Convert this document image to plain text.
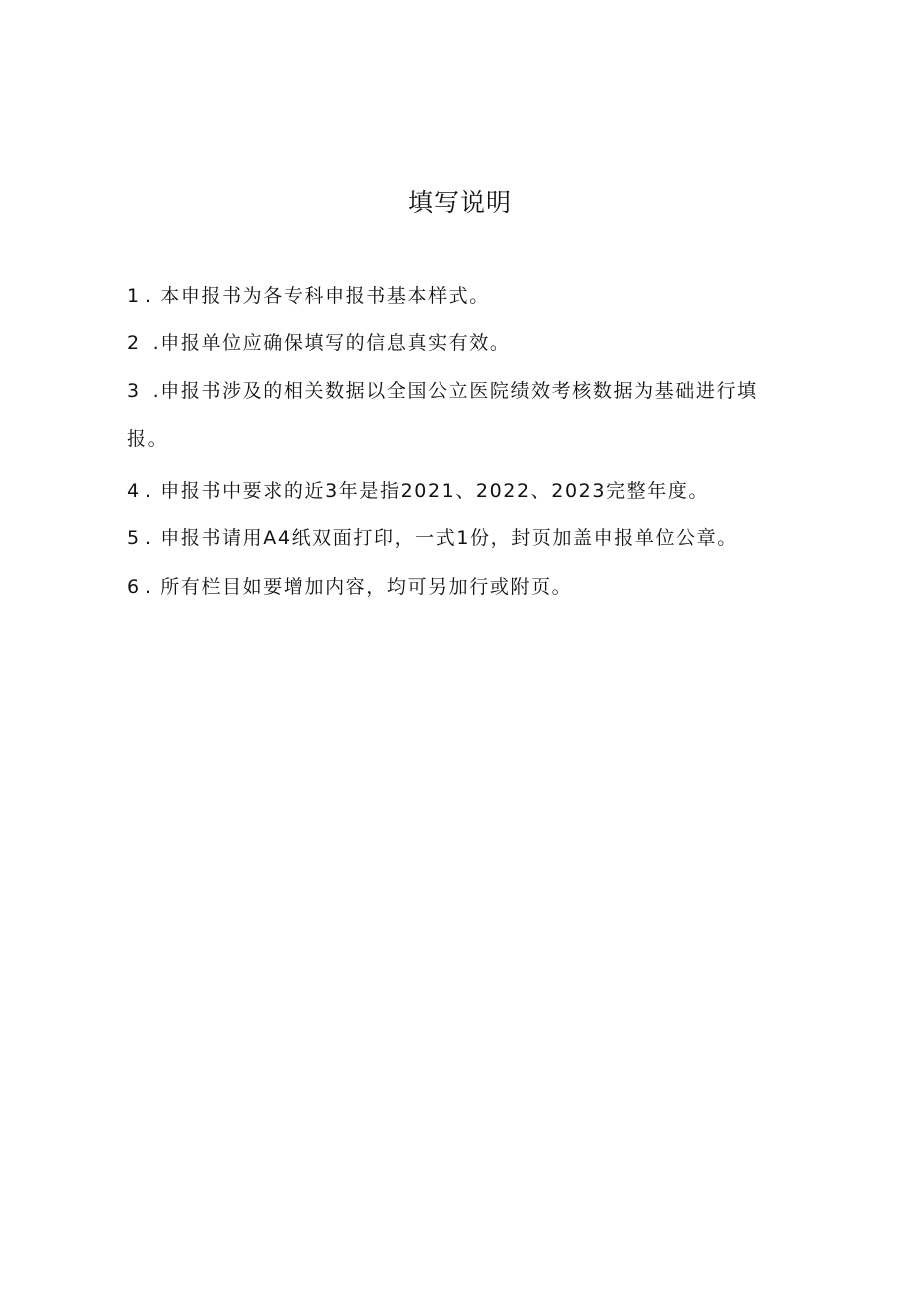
填写说明
1 . 本申报书为各专科申报书基本样式。
2 .申报单位应确保填写的信息真实有效。
3 .申报书涉及的相关数据以全国公立医院绩效考核数据为基础进行填
报。
4 . 申报书中要求的近3年是指2021、2022、2023完整年度。
5 . 申报书请用A4纸双面打印，一式1份，封页加盖申报单位公章。
6 . 所有栏目如要增加内容，均可另加行或附页。
